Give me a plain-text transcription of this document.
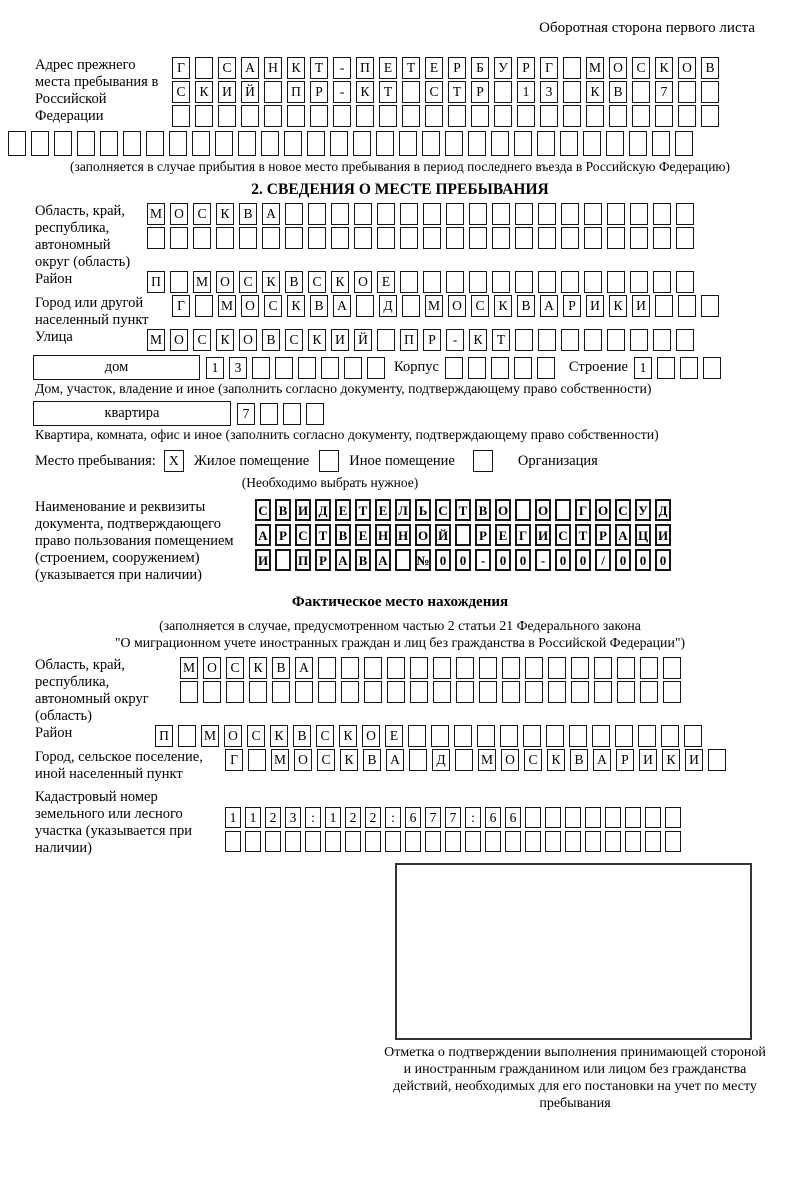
Оборотная сторона первого листа
Адрес прежнего места пребывания в Российской Федерации
Г	С	А Н	К	Т	-	П	Е	Т	Е	Р	Б	У	Р	Г	М О	С	К	О	В
С	К	И Й	П	Р	-	К	Т	С	Т	Р	1	3	К	В	7
(заполняется в случае прибытия в новое место пребывания в период последнего въезда в Российскую Федерацию)
2. СВЕДЕНИЯ О МЕСТЕ ПРЕБЫВАНИЯ
Область, край, республика, автономный округ (область)
М О	С	К	В	А
Район	П	М О	С	К	В	С	К	О	Е
Город или другой населенный пункт
Г	М О	С	К	В	А	Д	М О	С	К	В	А	Р	И	К	И
Улица	М О	С	К	О	В	С	К	И Й	П	Р	-	К	Т
дом	1	3	Корпус	Строение 1
Дом, участок, владение и иное (заполнить согласно документу, подтверждающему право собственности)
квартира	7
Квартира, комната, офис и иное (заполнить согласно документу, подтверждающему право собственности)
Место пребывания: X	Жилое помещение	Иное помещение	Организация
(Необходимо выбрать нужное)
Наименование и реквизиты документа, подтверждающего право пользования помещением (строением, сооружением) (указывается при наличии)
С В И Д Е Т Е Л Ь С Т В О О Г О С У Д
А Р С Т В Е Н Н О Й	Р Е Г И С Т Р А Ц И
И П Р А В А № 0	0	-	0	0	-	0	0	/	0	0	0
Фактическое место нахождения
(заполняется в случае, предусмотренном частью 2 статьи 21 Федерального закона
"О миграционном учете иностранных граждан и лиц без гражданства в Российской Федерации")
Область, край, республика, автономный округ (область)
М О	С	К	В	А
Район	П	М О	С	К	В	С	К	О	Е
Город, сельское поселение, иной населенный пункт
Г	М О	С	К	В	А	Д	М О	С	К	В	А	Р	И	К	И
Кадастровый номер земельного или лесного участка (указывается при наличии)
1 1 2 3	:	1 2 2	:	6 7 7	:	6 6
Отметка о подтверждении выполнения принимающей стороной и иностранным гражданином или лицом без гражданства действий, необходимых для его постановки на учет по месту пребывания
